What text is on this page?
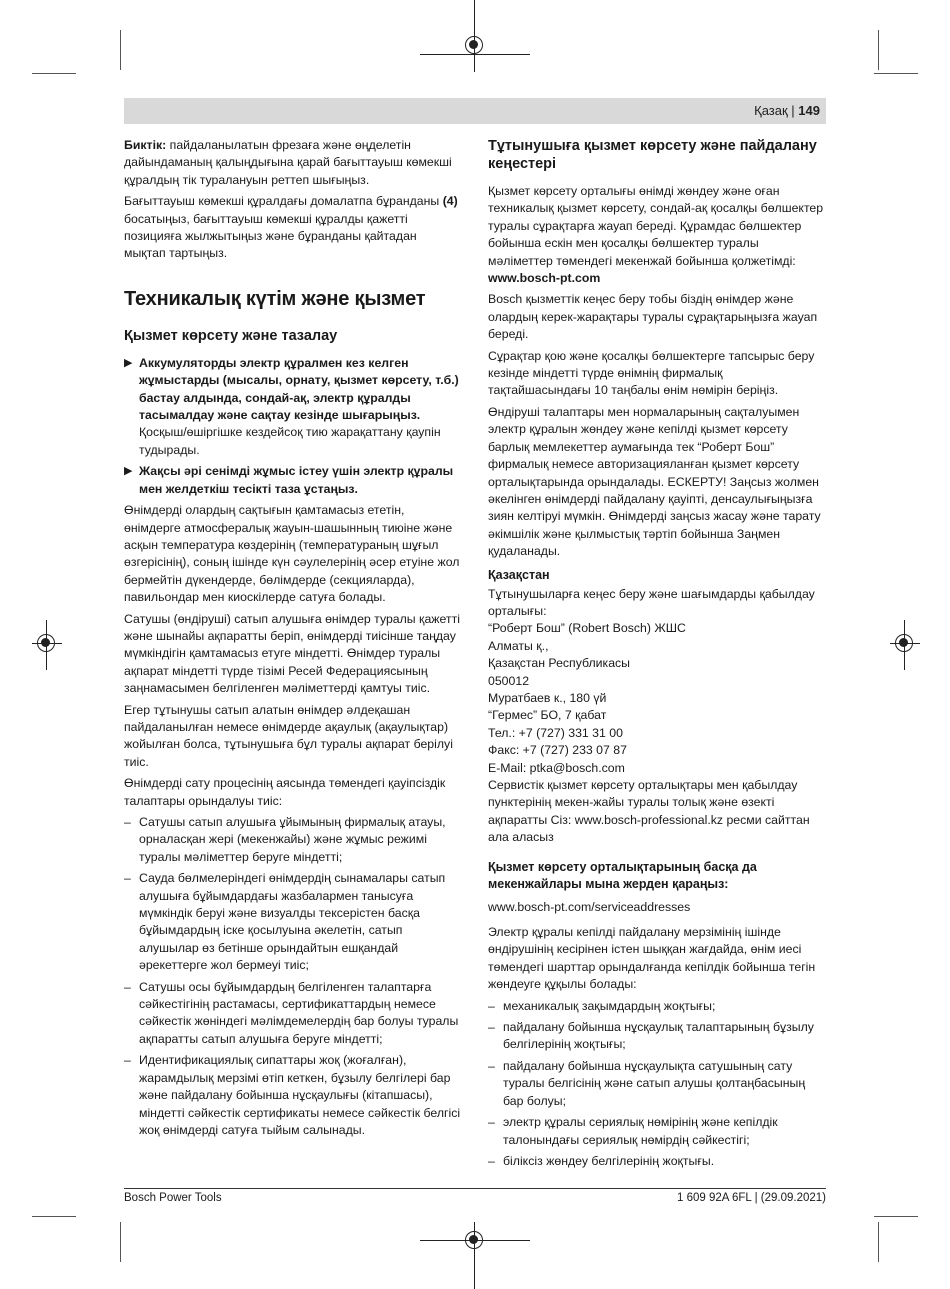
Қазақ | 149

Биктік: пайдаланылатын фрезаға және өңделетін дайындаманың қалыңдығына қарай бағыттауыш көмекші құралдың тік туралануын реттеп шығыңыз.

Бағыттауыш көмекші құралдағы домалатпа бұранданы (4) босатыңыз, бағыттауыш көмекші құралды қажетті позицияға жылжытыңыз және бұранданы қайтадан мықтап тартыңыз.

Техникалық күтім және қызмет
Қызмет көрсету және тазалау
▶ Аккумуляторды электр құралмен кез келген жұмыстарды (мысалы, орнату, қызмет көрсету, т.б.) бастау алдында, сондай-ақ, электр құралды тасымалдау және сақтау кезінде шығарыңыз. Қосқыш/өшіргішке кездейсоқ тию жарақаттану қаупін тудырады.
▶ Жақсы әрі сенімді жұмыс істеу үшін электр құралы мен желдеткіш тесікті таза ұстаңыз.

Өнімдерді олардың сақтығын қамтамасыз ететін, өнімдерге атмосфералық жауын-шашынның тиюіне және асқын температура көздерінің (температураның шұғыл өзгерісінің), соның ішінде күн сәулелерінің әсер етуіне жол бермейтін дүкендерде, бөлімдерде (секцияларда), павильондар мен киоскілерде сатуға болады.

Сатушы (өндіруші) сатып алушыға өнімдер туралы қажетті және шынайы ақпаратты беріп, өнімдерді тиісінше таңдау мүмкіндігін қамтамасыз етуге міндетті. Өнімдер туралы ақпарат міндетті түрде тізімі Ресей Федерациясының заңнамасымен белгіленген мәліметтерді қамтуы тиіс.

Егер тұтынушы сатып алатын өнімдер әлдеқашан пайдаланылған немесе өнімдерде ақаулық (ақаулықтар) жойылған болса, тұтынушыға бұл туралы ақпарат берілуі тиіс.

Өнімдерді сату процесінің аясында төмендегі қауіпсіздік талаптары орындалуы тиіс:

– Сатушы сатып алушыға ұйымының фирмалық атауы, орналасқан жері (мекенжайы) және жұмыс режимі туралы мәліметтер беруге міндетті;
– Сауда бөлмелеріндегі өнімдердің сынамалары сатып алушыға бұйымдардағы жазбалармен танысуға мүмкіндік беруі және визуалды тексерістен басқа бұйымдардың іске қосылуына әкелетін, сатып алушылар өз бетінше орындайтын ешқандай әрекеттерге жол бермеуі тиіс;
– Сатушы осы бұйымдардың белгіленген талаптарға сәйкестігінің растамасы, сертификаттардың немесе сәйкестік жөніндегі мәлімдемелердің бар болуы туралы ақпаратты сатып алушыға беруге міндетті;
– Идентификациялық сипаттары жоқ (жоғалған), жарамдылық мерзімі өтіп кеткен, бұзылу белгілері бар және пайдалану бойынша нұсқаулығы (кітапшасы), міндетті сәйкестік сертификаты немесе сәйкестік белгісі жоқ өнімдерді сатуға тыйым салынады.
Тұтынушыға қызмет көрсету және пайдалану кеңестері

Қызмет көрсету орталығы өнімді жөндеу және оған техникалық қызмет көрсету, сондай-ақ қосалқы бөлшектер туралы сұрақтарға жауап береді. Құрамдас бөлшектер бойынша ескін мен қосалқы бөлшектер туралы мәліметтер төмендегі мекенжай бойынша қолжетімді: www.bosch-pt.com

Bosch қызметтік кеңес беру тобы біздің өнімдер және олардың керек-жарақтары туралы сұрақтарыңызға жауап береді.

Сұрақтар қою және қосалқы бөлшектерге тапсырыс беру кезінде міндетті түрде өнімнің фирмалық тақтайшасындағы 10 таңбалы өнім нөмірін беріңіз.

Өндіруші талаптары мен нормаларының сақталуымен электр құралын жөндеу және кепілді қызмет көрсету барлық мемлекеттер аумағында тек “Роберт Бош” фирмалық немесе авторизацияланған қызмет көрсету орталықтарында орындалады. ЕСКЕРТУ! Заңсыз жолмен әкелінген өнімдерді пайдалану қауіпті, денсаулығыңызға зиян келтіруі мүмкін. Өнімдерді заңсыз жасау және тарату әкімшілік және қылмыстық тәртіп бойынша Заңмен қудаланады.

Қазақстан
Тұтынушыларға кеңес беру және шағымдарды қабылдау орталығы:
“Роберт Бош” (Robert Bosch) ЖШС
Алматы қ.,
Қазақстан Республикасы
050012
Муратбаев к., 180 үй
“Гермес” БО, 7 қабат
Тел.: +7 (727) 331 31 00
Факс: +7 (727) 233 07 87
E-Mail: ptka@bosch.com
Сервистік қызмет көрсету орталықтары мен қабылдау пунктерінің мекен-жайы туралы толық және өзекті ақпаратты Сіз: www.bosch-professional.kz ресми сайттан ала аласыз
Қызмет көрсету орталықтарының басқа да мекенжайлары мына жерден қараңыз:

www.bosch-pt.com/serviceaddresses

Электр құралы кепілді пайдалану мерзімінің ішінде өндірушінің кесірінен істен шыққан жағдайда, өнім иесі төмендегі шарттар орындалғанда кепілдік бойынша тегін жөндеуге құқылы болады:

– механикалық зақымдардың жоқтығы;
– пайдалану бойынша нұсқаулық талаптарының бұзылу белгілерінің жоқтығы;
– пайдалану бойынша нұсқаулықта сатушының сату туралы белгісінің және сатып алушы қолтаңбасының бар болуы;
– электр құралы сериялық нөмірінің және кепілдік талонындағы сериялық нөмірдің сәйкестігі;
– біліксіз жөндеу белгілерінің жоқтығы.
Bosch Power Tools	1 609 92A 6FL | (29.09.2021)
